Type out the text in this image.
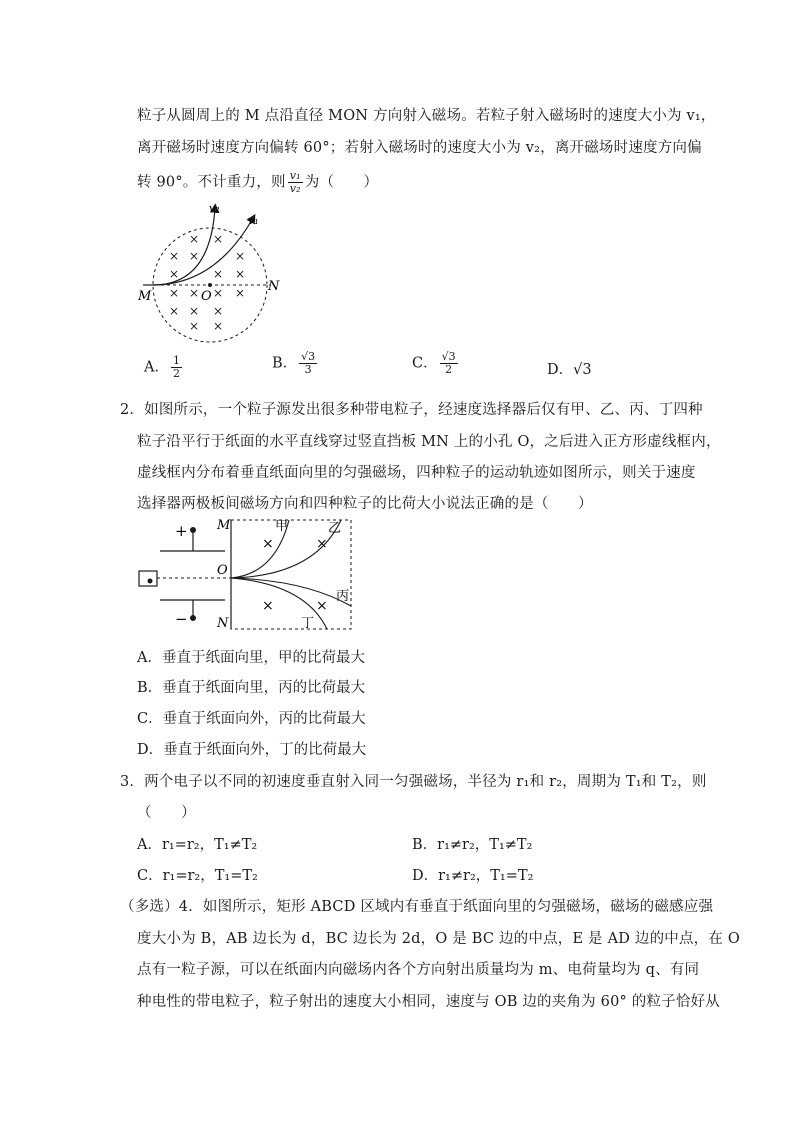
粒子从圆周上的 M 点沿直径 MON 方向射入磁场。若粒子射入磁场时的速度大小为 v₁，
离开磁场时速度方向偏转 60°；若射入磁场时的速度大小为 v₂，离开磁场时速度方向偏
转 90°。不计重力，则 $\frac{\text{v₁}}{\text{v₂}}$ 为（　　）
× ×
× ×	×
×	× ×
× × × ×
× × ×
× ×
M	O
N
v₂
v₁
A． $\frac{1}{2}$	B． $\frac{√3}{3}$	C． $\frac{√3}{2}$	D．√3
2．如图所示，一个粒子源发出很多种带电粒子，经速度选择器后仅有甲、乙、丙、丁四种
粒子沿平行于纸面的水平直线穿过竖直挡板 MN 上的小孔 O，之后进入正方形虚线框内，
虚线框内分布着垂直纸面向里的匀强磁场，四种粒子的运动轨迹如图所示，则关于速度
选择器两极板间磁场方向和四种粒子的比荷大小说法正确的是（　　）
+
−
×	×
×	×
M
O
N
甲	乙
丙
丁
A．垂直于纸面向里，甲的比荷最大
B．垂直于纸面向里，丙的比荷最大
C．垂直于纸面向外，丙的比荷最大
D．垂直于纸面向外，丁的比荷最大
3．两个电子以不同的初速度垂直射入同一匀强磁场，半径为 r₁和 r₂，周期为 T₁和 T₂，则
（　　）
A．r₁=r₂，T₁≠T₂	B．r₁≠r₂，T₁≠T₂
C．r₁=r₂，T₁=T₂	D．r₁≠r₂，T₁=T₂
（多选）4．如图所示，矩形 ABCD 区域内有垂直于纸面向里的匀强磁场，磁场的磁感应强
度大小为 B，AB 边长为 d，BC 边长为 2d，O 是 BC 边的中点，E 是 AD 边的中点，在 O
点有一粒子源，可以在纸面内向磁场内各个方向射出质量均为 m、电荷量均为 q、有同
种电性的带电粒子，粒子射出的速度大小相同，速度与 OB 边的夹角为 60° 的粒子恰好从
